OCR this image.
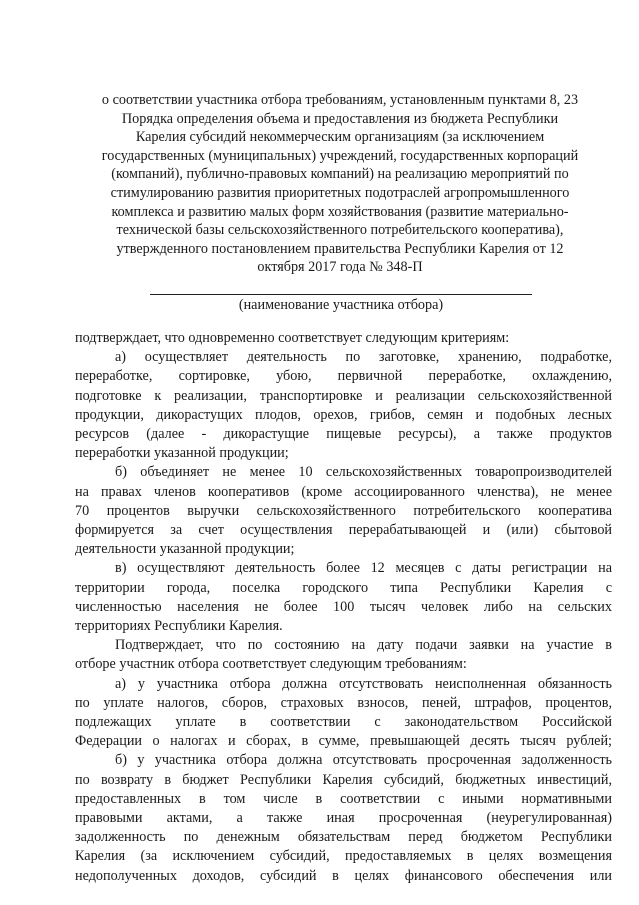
о соответствии участника отбора требованиям, установленным пунктами 8, 23
Порядка определения объема и предоставления из бюджета Республики
Карелия субсидий некоммерческим организациям (за исключением
государственных (муниципальных) учреждений, государственных корпораций
(компаний), публично-правовых компаний) на реализацию мероприятий по
стимулированию развития приоритетных подотраслей агропромышленного
комплекса и развитию малых форм хозяйствования (развитие материально-
технической базы сельскохозяйственного потребительского кооператива),
утвержденного постановлением правительства Республики Карелия от 12
октября 2017 года № 348-П
(наименование участника отбора)
подтверждает, что одновременно соответствует следующим критериям:
а) осуществляет деятельность по заготовке, хранению, подработке,
переработке, сортировке, убою, первичной переработке, охлаждению,
подготовке к реализации, транспортировке и реализации сельскохозяйственной
продукции, дикорастущих плодов, орехов, грибов, семян и подобных лесных
ресурсов (далее - дикорастущие пищевые ресурсы), а также продуктов
переработки указанной продукции;
б) объединяет не менее 10 сельскохозяйственных товаропроизводителей
на правах членов кооперативов (кроме ассоциированного членства), не менее
70 процентов выручки сельскохозяйственного потребительского кооператива
формируется за счет осуществления перерабатывающей и (или) сбытовой
деятельности указанной продукции;
в) осуществляют деятельность более 12 месяцев с даты регистрации на
территории города, поселка городского типа Республики Карелия с
численностью населения не более 100 тысяч человек либо на сельских
территориях Республики Карелия.
Подтверждает, что по состоянию на дату подачи заявки на участие в
отборе участник отбора соответствует следующим требованиям:
а) у участника отбора должна отсутствовать неисполненная обязанность
по уплате налогов, сборов, страховых взносов, пеней, штрафов, процентов,
подлежащих уплате в соответствии с законодательством Российской
Федерации о налогах и сборах, в сумме, превышающей десять тысяч рублей;
б) у участника отбора должна отсутствовать просроченная задолженность
по возврату в бюджет Республики Карелия субсидий, бюджетных инвестиций,
предоставленных в том числе в соответствии с иными нормативными
правовыми актами, а также иная просроченная (неурегулированная)
задолженность по денежным обязательствам перед бюджетом Республики
Карелия (за исключением субсидий, предоставляемых в целях возмещения
недополученных доходов, субсидий в целях финансового обеспечения или
